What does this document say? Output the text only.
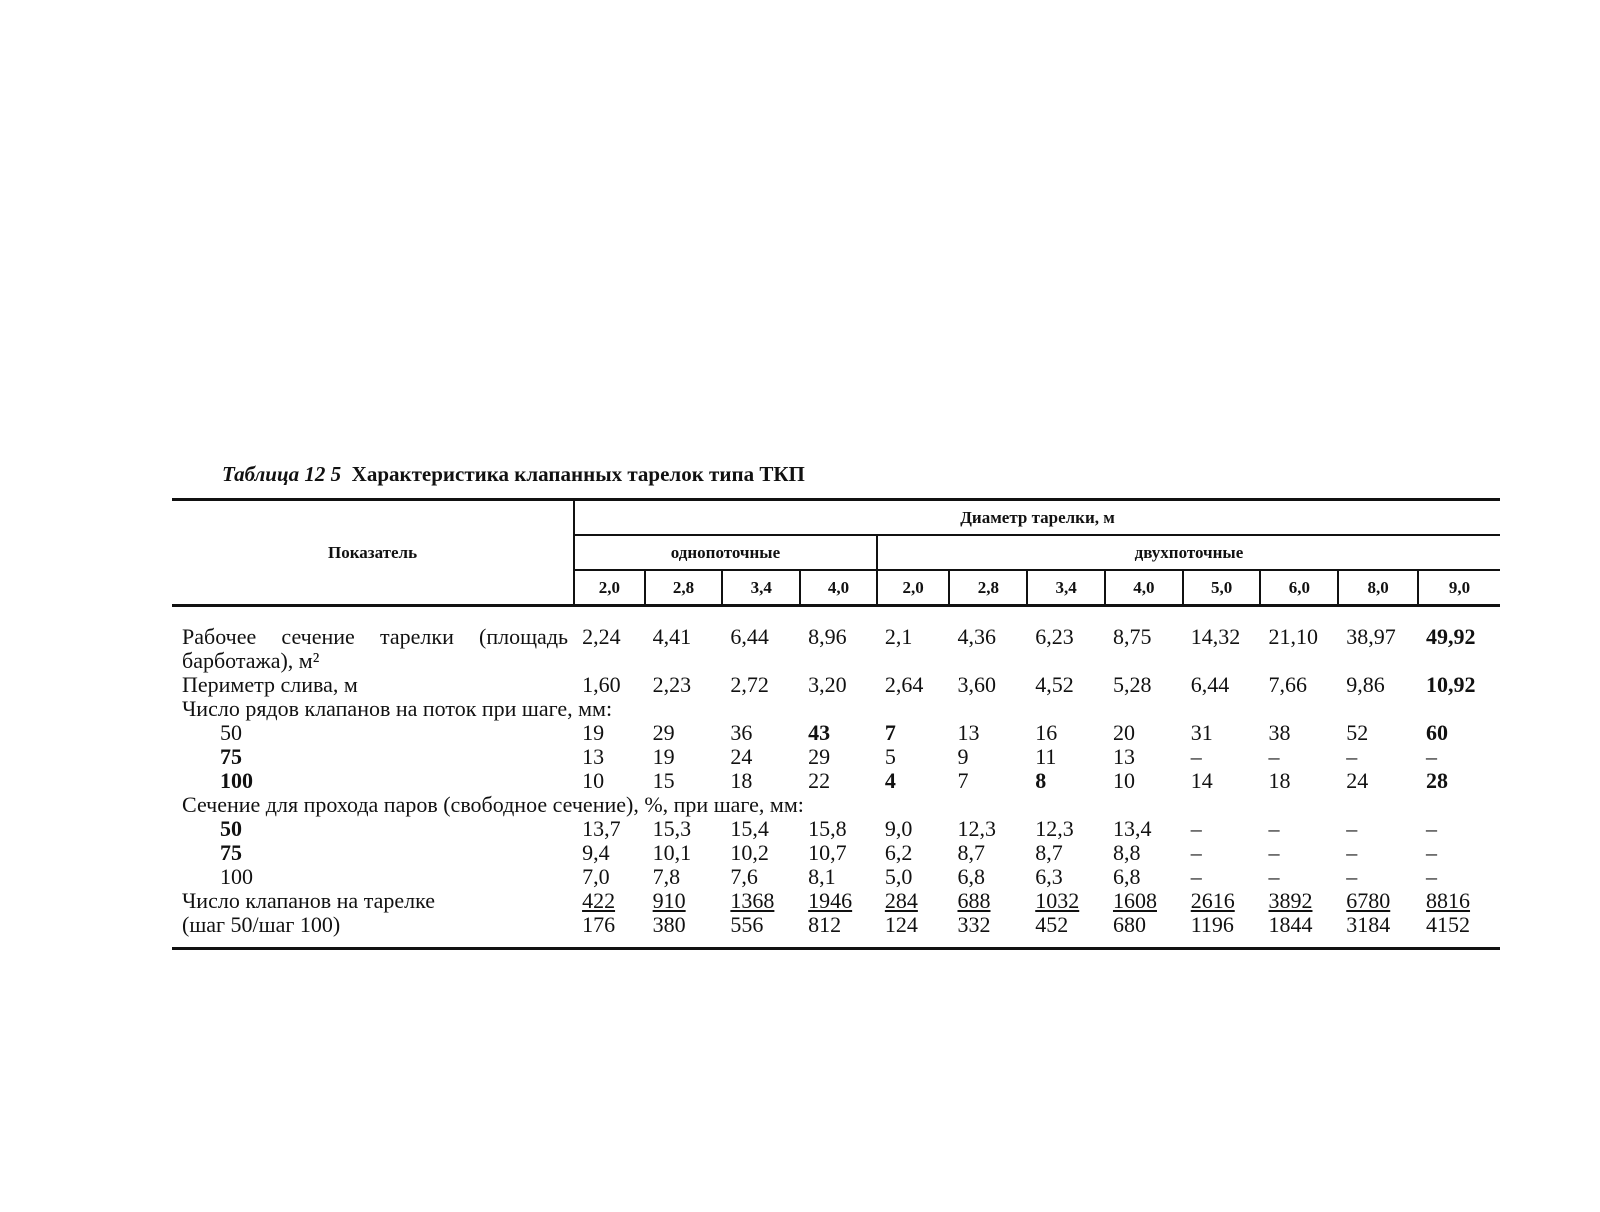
Таблица 12 5 Характеристика клапанных тарелок типа ТКП
Показатель	Диаметр тарелки, м											
	однопоточные				двухпоточные							
	2,0	2,8	3,4	4,0	2,0	2,8	3,4	4,0	5,0	6,0	8,0	9,0
Рабочее сечение тарелки (площадь барботажа), м²	2,24	4,41	6,44	8,96	2,1	4,36	6,23	8,75	14,32	21,10	38,97	49,92
Периметр слива, м	1,60	2,23	2,72	3,20	2,64	3,60	4,52	5,28	6,44	7,66	9,86	10,92
Число рядов клапанов на поток при шаге, мм:												
50	19	29	36	43	7	13	16	20	31	38	52	60
75	13	19	24	29	5	9	11	13	–	–	–	–
100	10	15	18	22	4	7	8	10	14	18	24	28
Сечение для прохода паров (свободное сечение), %, при шаге, мм:												
50	13,7	15,3	15,4	15,8	9,0	12,3	12,3	13,4	–	–	–	–
75	9,4	10,1	10,2	10,7	6,2	8,7	8,7	8,8	–	–	–	–
100	7,0	7,8	7,6	8,1	5,0	6,8	6,3	6,8	–	–	–	–
Число клапанов на тарелке	422	910	1368	1946	284	688	1032	1608	2616	3892	6780	8816
(шаг 50/шаг 100)	176	380	556	812	124	332	452	680	1196	1844	3184	4152
